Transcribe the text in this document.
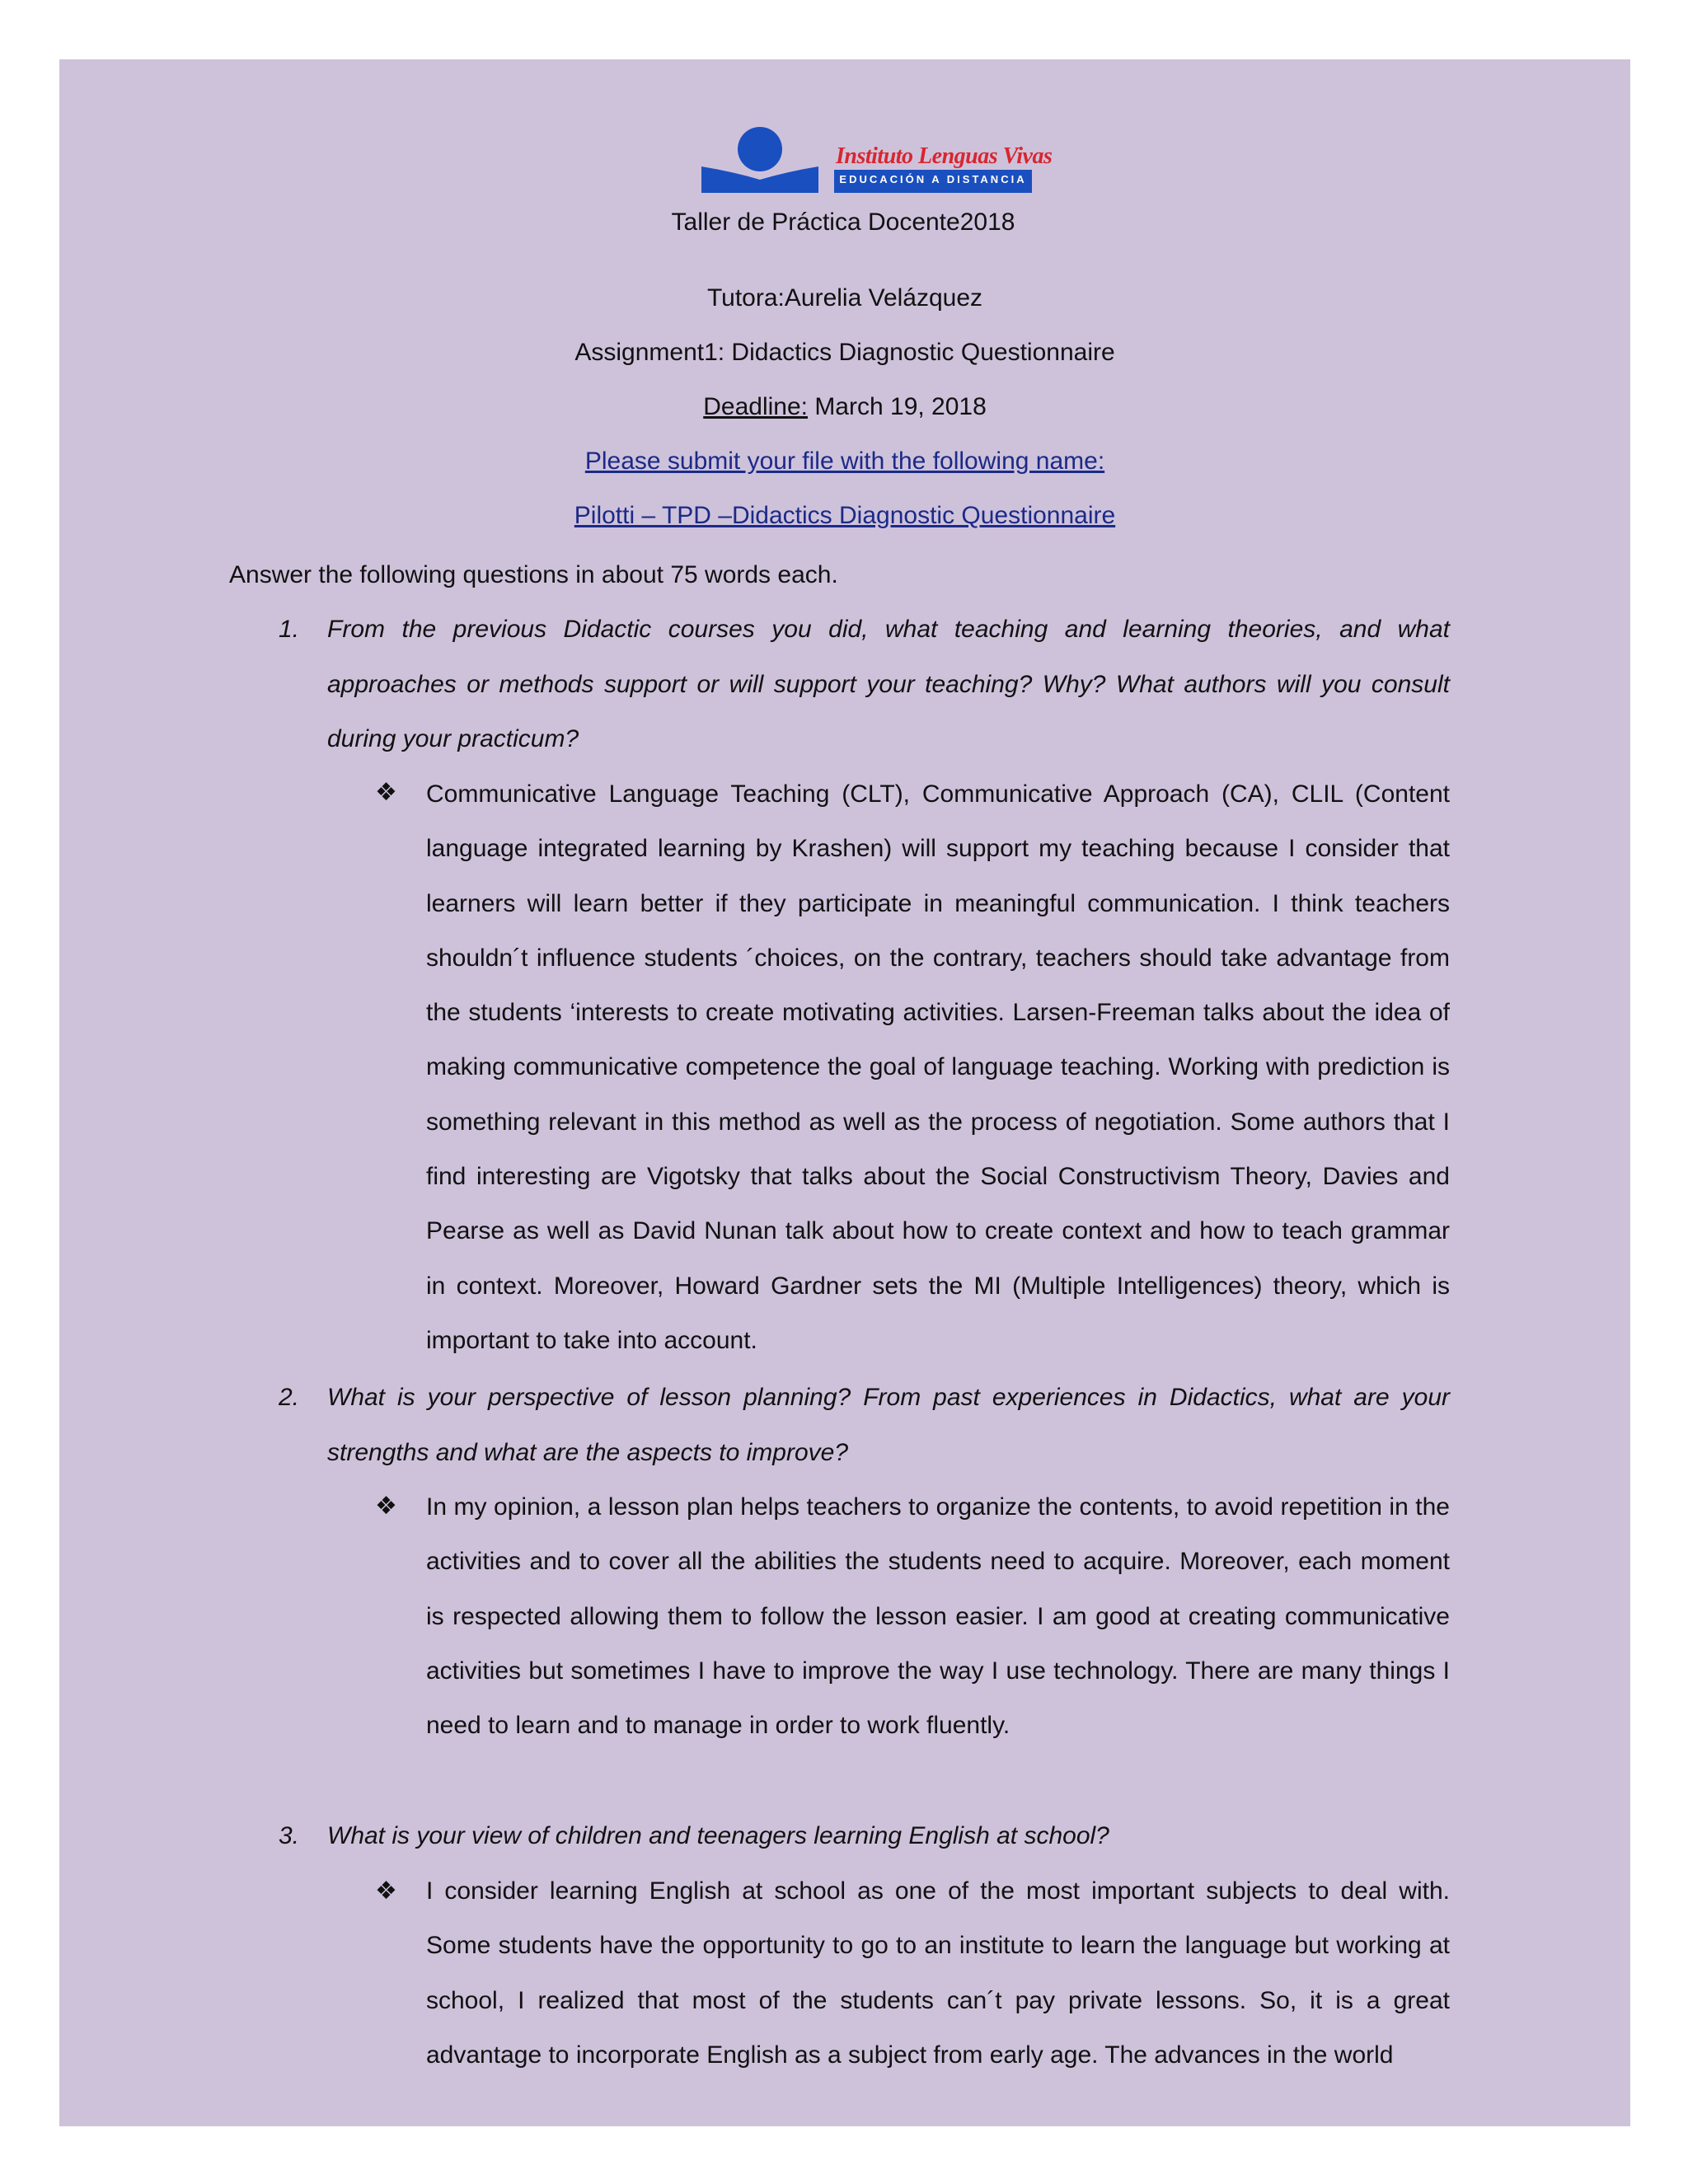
Instituto Lenguas Vivas
EDUCACIÓN A DISTANCIA
Taller de Práctica Docente2018
Tutora:Aurelia Velázquez
Assignment1: Didactics Diagnostic Questionnaire
Deadline: March 19, 2018
Please submit your file with the following name:
Pilotti – TPD –Didactics Diagnostic Questionnaire
Answer the following questions in about 75 words each.
1. From the previous Didactic courses you did, what teaching and learning theories, and what approaches or methods support or will support your teaching? Why? What authors will you consult during your practicum?

❖ Communicative Language Teaching (CLT), Communicative Approach (CA), CLIL (Content language integrated learning by Krashen) will support my teaching because I consider that learners will learn better if they participate in meaningful communication. I think teachers shouldn´t influence students ´choices, on the contrary, teachers should take advantage from the students ‘interests to create motivating activities. Larsen-Freeman talks about the idea of making communicative competence the goal of language teaching. Working with prediction is something relevant in this method as well as the process of negotiation. Some authors that I find interesting are Vigotsky that talks about the Social Constructivism Theory, Davies and Pearse as well as David Nunan talk about how to create context and how to teach grammar in context. Moreover, Howard Gardner sets the MI (Multiple Intelligences) theory, which is important to take into account.

2. What is your perspective of lesson planning? From past experiences in Didactics, what are your strengths and what are the aspects to improve?

❖ In my opinion, a lesson plan helps teachers to organize the contents, to avoid repetition in the activities and to cover all the abilities the students need to acquire. Moreover, each moment is respected allowing them to follow the lesson easier. I am good at creating communicative activities but sometimes I have to improve the way I use technology. There are many things I need to learn and to manage in order to work fluently.

3. What is your view of children and teenagers learning English at school?

❖ I consider learning English at school as one of the most important subjects to deal with. Some students have the opportunity to go to an institute to learn the language but working at school, I realized that most of the students can´t pay private lessons. So, it is a great advantage to incorporate English as a subject from early age. The advances in the world
